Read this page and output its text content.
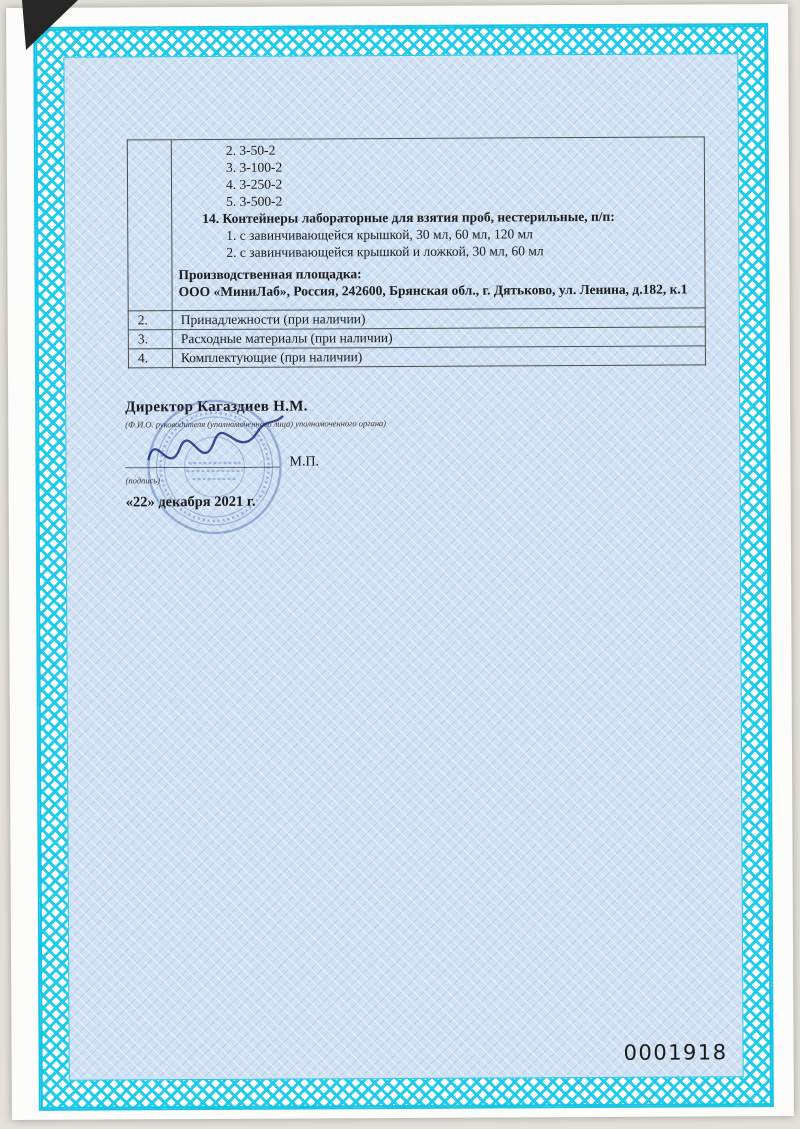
2. 3-50-2
3. 3-100-2
4. 3-250-2
5. 3-500-2
14. Контейнеры лабораторные для взятия проб, нестерильные, п/п:
1. с завинчивающейся крышкой, 30 мл, 60 мл, 120 мл
2. с завинчивающейся крышкой и ложкой, 30 мл, 60 мл
Производственная площадка:
ООО «МиниЛаб», Россия, 242600, Брянская обл., г. Дятьково, ул. Ленина, д.182, к.1

2.	Принадлежности (при наличии)
3.	Расходные материалы (при наличии)
4.	Комплектующие (при наличии)
Директор Кагаздиев Н.М.
(Ф.И.О. руководителя (уполномоченного лица) уполномоченного органа)
______________________ М.П.
(подпись)
«22» декабря 2021 г.
0001918
